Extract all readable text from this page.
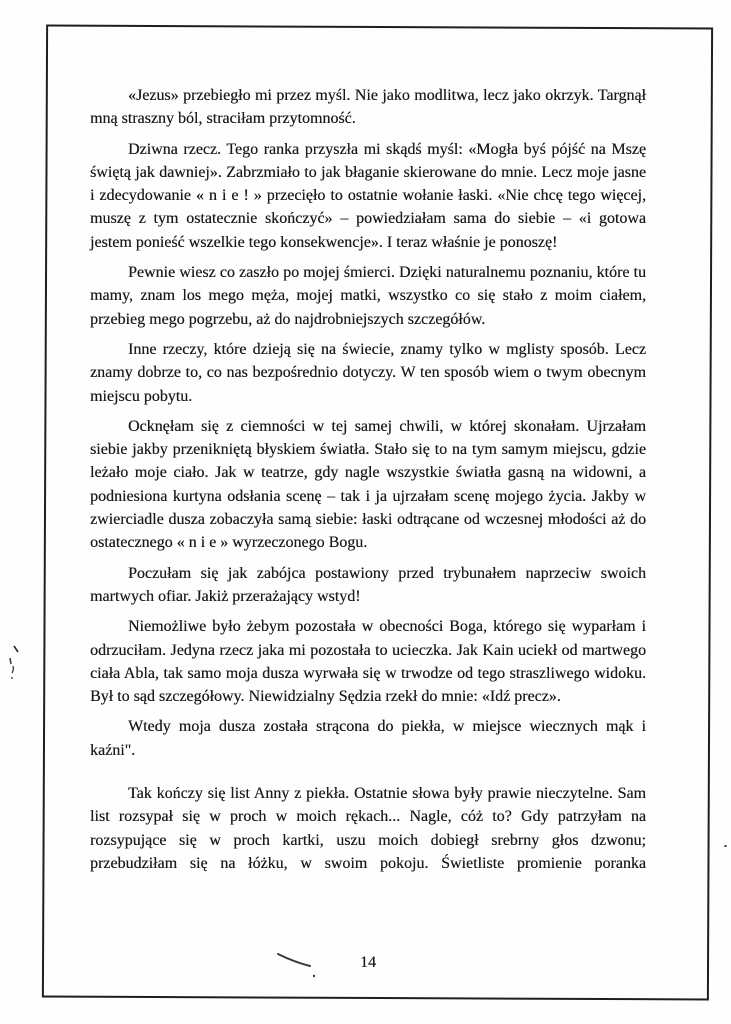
«Jezus» przebiegło mi przez myśl. Nie jako modlitwa, lecz jako okrzyk. Targnął mną straszny ból, straciłam przytomność.

Dziwna rzecz. Tego ranka przyszła mi skądś myśl: «Mogła byś pójść na Mszę świętą jak dawniej». Zabrzmiało to jak błaganie skierowane do mnie. Lecz moje jasne i zdecydowanie « n i e ! » przecięło to ostatnie wołanie łaski. «Nie chcę tego więcej, muszę z tym ostatecznie skończyć» – powiedziałam sama do siebie – «i gotowa jestem ponieść wszelkie tego konsekwencje». I teraz właśnie je ponoszę!

Pewnie wiesz co zaszło po mojej śmierci. Dzięki naturalnemu poznaniu, które tu mamy, znam los mego męża, mojej matki, wszystko co się stało z moim ciałem, przebieg mego pogrzebu, aż do najdrobniejszych szczegółów.

Inne rzeczy, które dzieją się na świecie, znamy tylko w mglisty sposób. Lecz znamy dobrze to, co nas bezpośrednio dotyczy. W ten sposób wiem o twym obecnym miejscu pobytu.

Ocknęłam się z ciemności w tej samej chwili, w której skonałam. Ujrzałam siebie jakby przenikniętą błyskiem światła. Stało się to na tym samym miejscu, gdzie leżało moje ciało. Jak w teatrze, gdy nagle wszystkie światła gasną na widowni, a podniesiona kurtyna odsłania scenę – tak i ja ujrzałam scenę mojego życia. Jakby w zwierciadle dusza zobaczyła samą siebie: łaski odtrącane od wczesnej młodości aż do ostatecznego « n i e » wyrzeczonego Bogu.

Poczułam się jak zabójca postawiony przed trybunałem naprzeciw swoich martwych ofiar. Jakiż przerażający wstyd!

Niemożliwe było żebym pozostała w obecności Boga, którego się wyparłam i odrzuciłam. Jedyna rzecz jaka mi pozostała to ucieczka. Jak Kain uciekł od martwego ciała Abla, tak samo moja dusza wyrwała się w trwodze od tego straszliwego widoku. Był to sąd szczegółowy. Niewidzialny Sędzia rzekł do mnie: «Idź precz».

Wtedy moja dusza została strącona do piekła, w miejsce wiecznych mąk i kaźni".

Tak kończy się list Anny z piekła. Ostatnie słowa były prawie nieczytelne. Sam list rozsypał się w proch w moich rękach... Nagle, cóż to? Gdy patrzyłam na rozsypujące się w proch kartki, uszu moich dobiegł srebrny głos dzwonu; przebudziłam się na łóżku, w swoim pokoju. Świetliste promienie poranka

14
